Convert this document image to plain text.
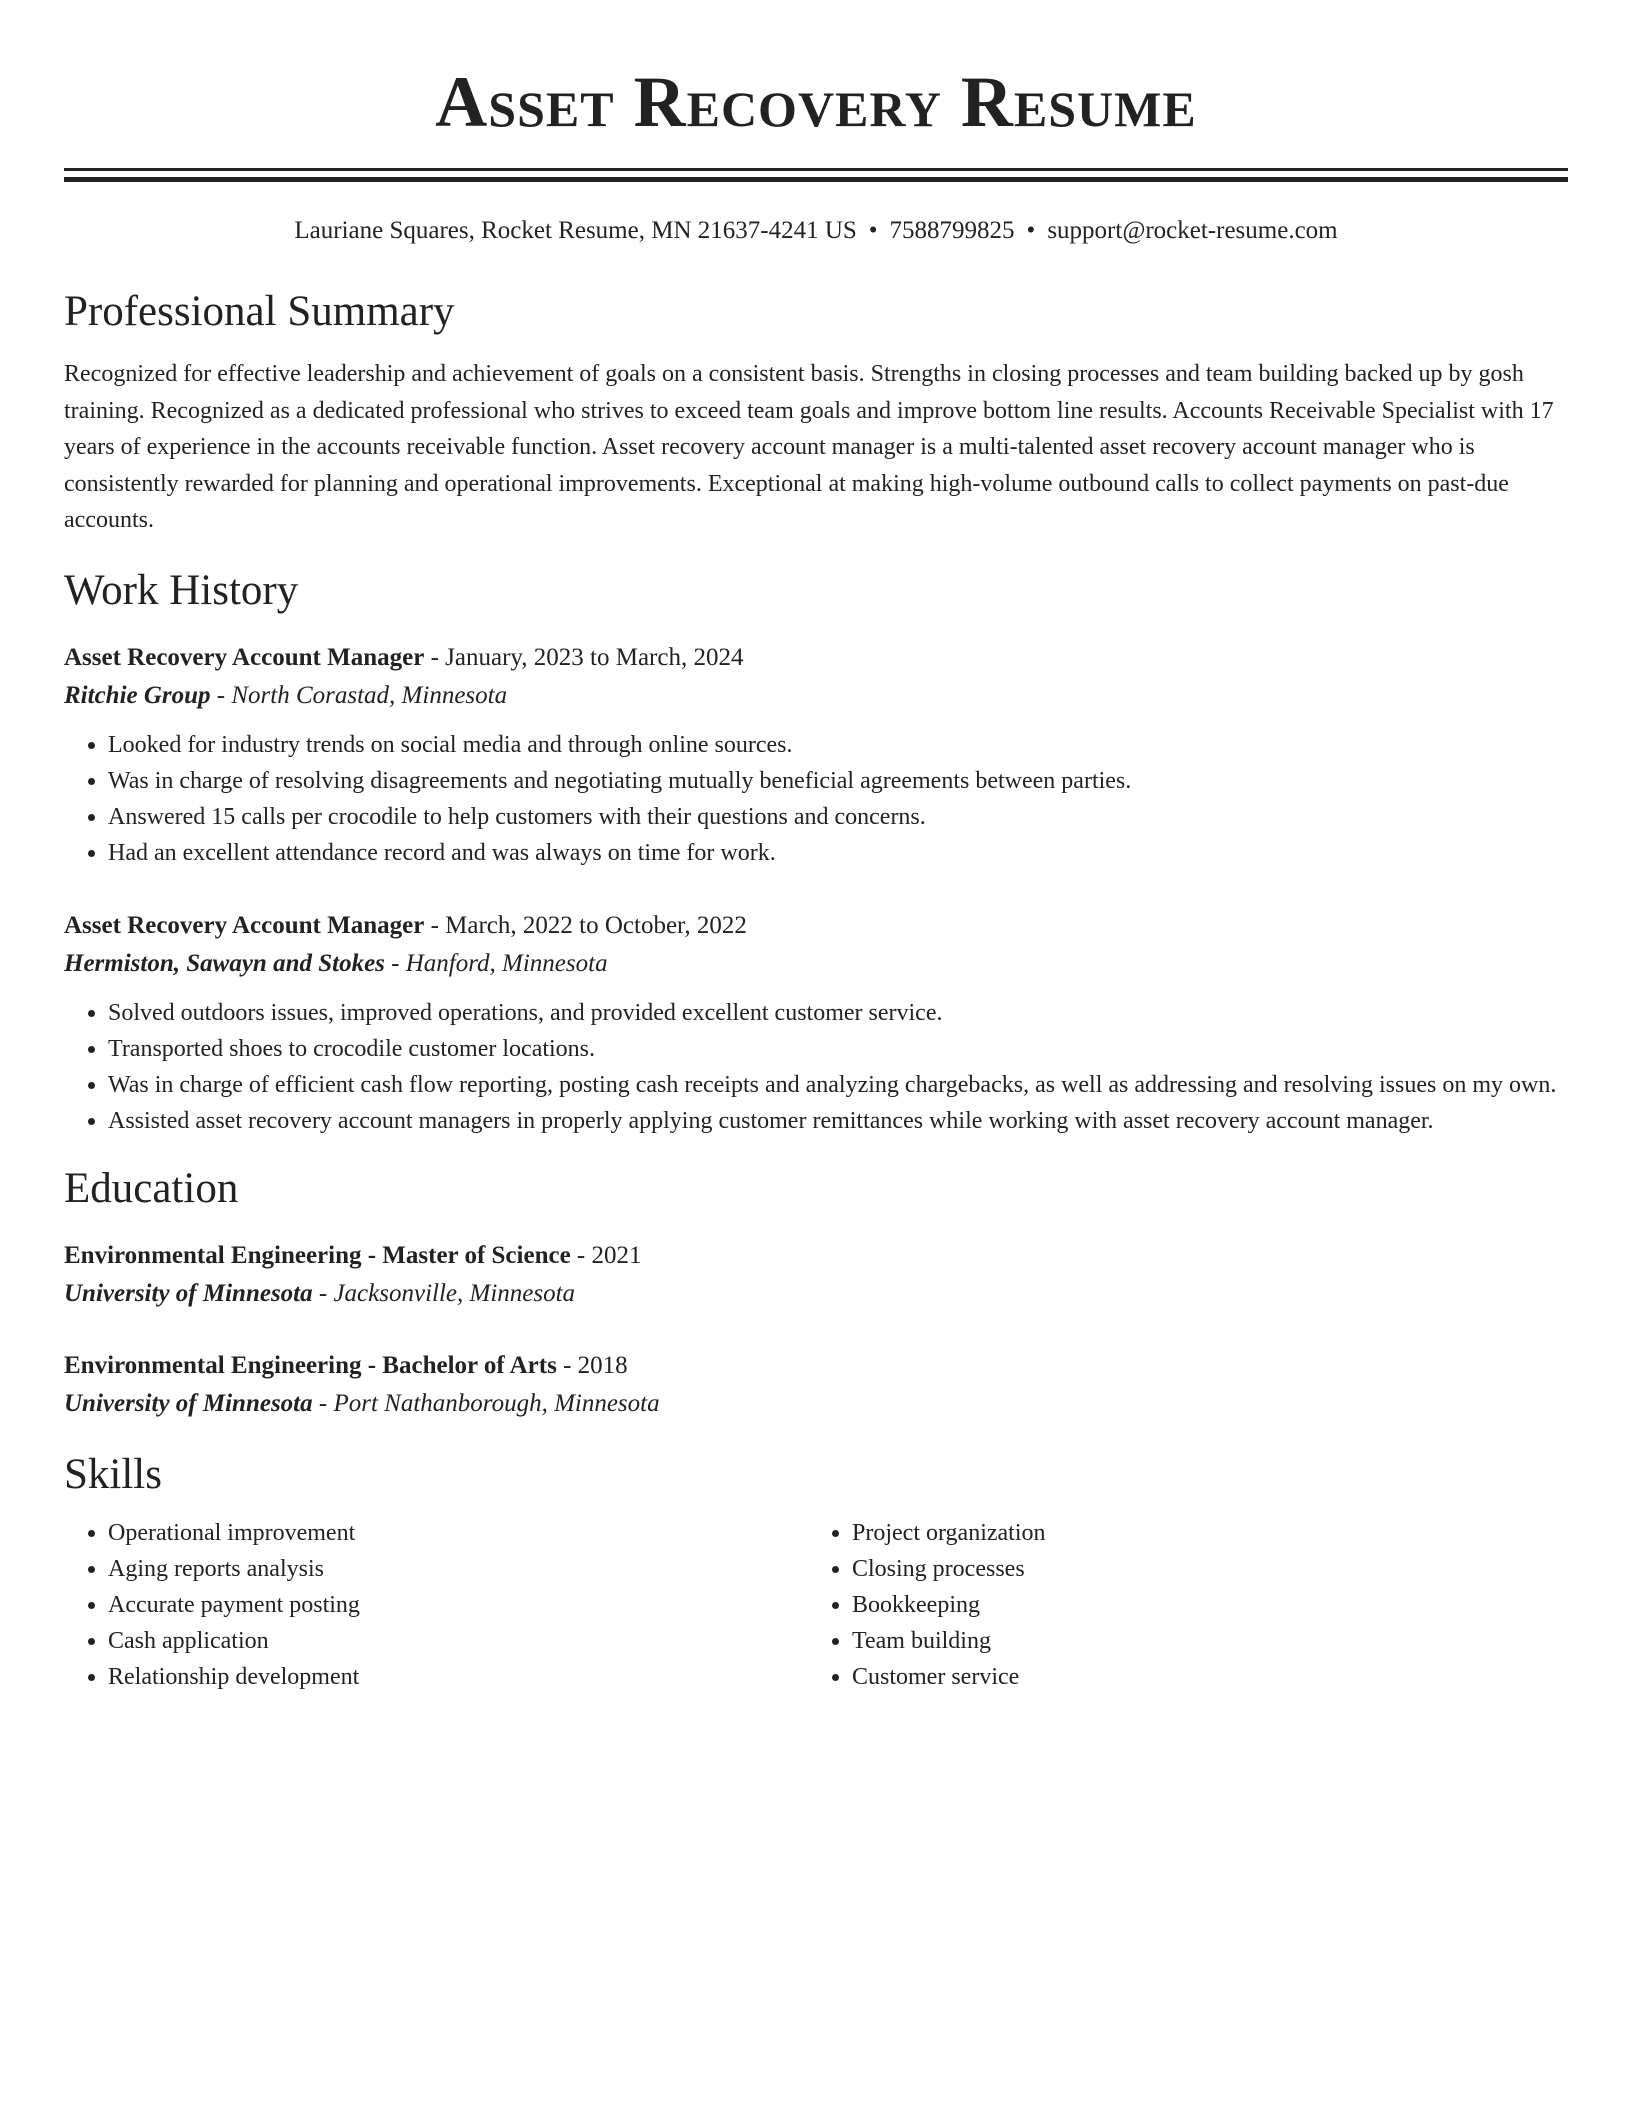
Asset Recovery Resume
Lauriane Squares, Rocket Resume, MN 21637-4241 US • 7588799825 • support@rocket-resume.com
Professional Summary

Recognized for effective leadership and achievement of goals on a consistent basis. Strengths in closing processes and team building backed up by gosh training. Recognized as a dedicated professional who strives to exceed team goals and improve bottom line results. Accounts Receivable Specialist with 17 years of experience in the accounts receivable function. Asset recovery account manager is a multi-talented asset recovery account manager who is consistently rewarded for planning and operational improvements. Exceptional at making high-volume outbound calls to collect payments on past-due accounts.

Work History
Asset Recovery Account Manager - January, 2023 to March, 2024
Ritchie Group - North Corastad, Minnesota
• Looked for industry trends on social media and through online sources.
• Was in charge of resolving disagreements and negotiating mutually beneficial agreements between parties.
• Answered 15 calls per crocodile to help customers with their questions and concerns.
• Had an excellent attendance record and was always on time for work.
Asset Recovery Account Manager - March, 2022 to October, 2022
Hermiston, Sawayn and Stokes - Hanford, Minnesota
• Solved outdoors issues, improved operations, and provided excellent customer service.
• Transported shoes to crocodile customer locations.
• Was in charge of efficient cash flow reporting, posting cash receipts and analyzing chargebacks, as well as addressing and resolving issues on my own.
• Assisted asset recovery account managers in properly applying customer remittances while working with asset recovery account manager.
Education
Environmental Engineering - Master of Science - 2021
University of Minnesota - Jacksonville, Minnesota
Environmental Engineering - Bachelor of Arts - 2018
University of Minnesota - Port Nathanborough, Minnesota
Skills
• Operational improvement
• Aging reports analysis
• Accurate payment posting
• Cash application
• Relationship development
• Project organization
• Closing processes
• Bookkeeping
• Team building
• Customer service
